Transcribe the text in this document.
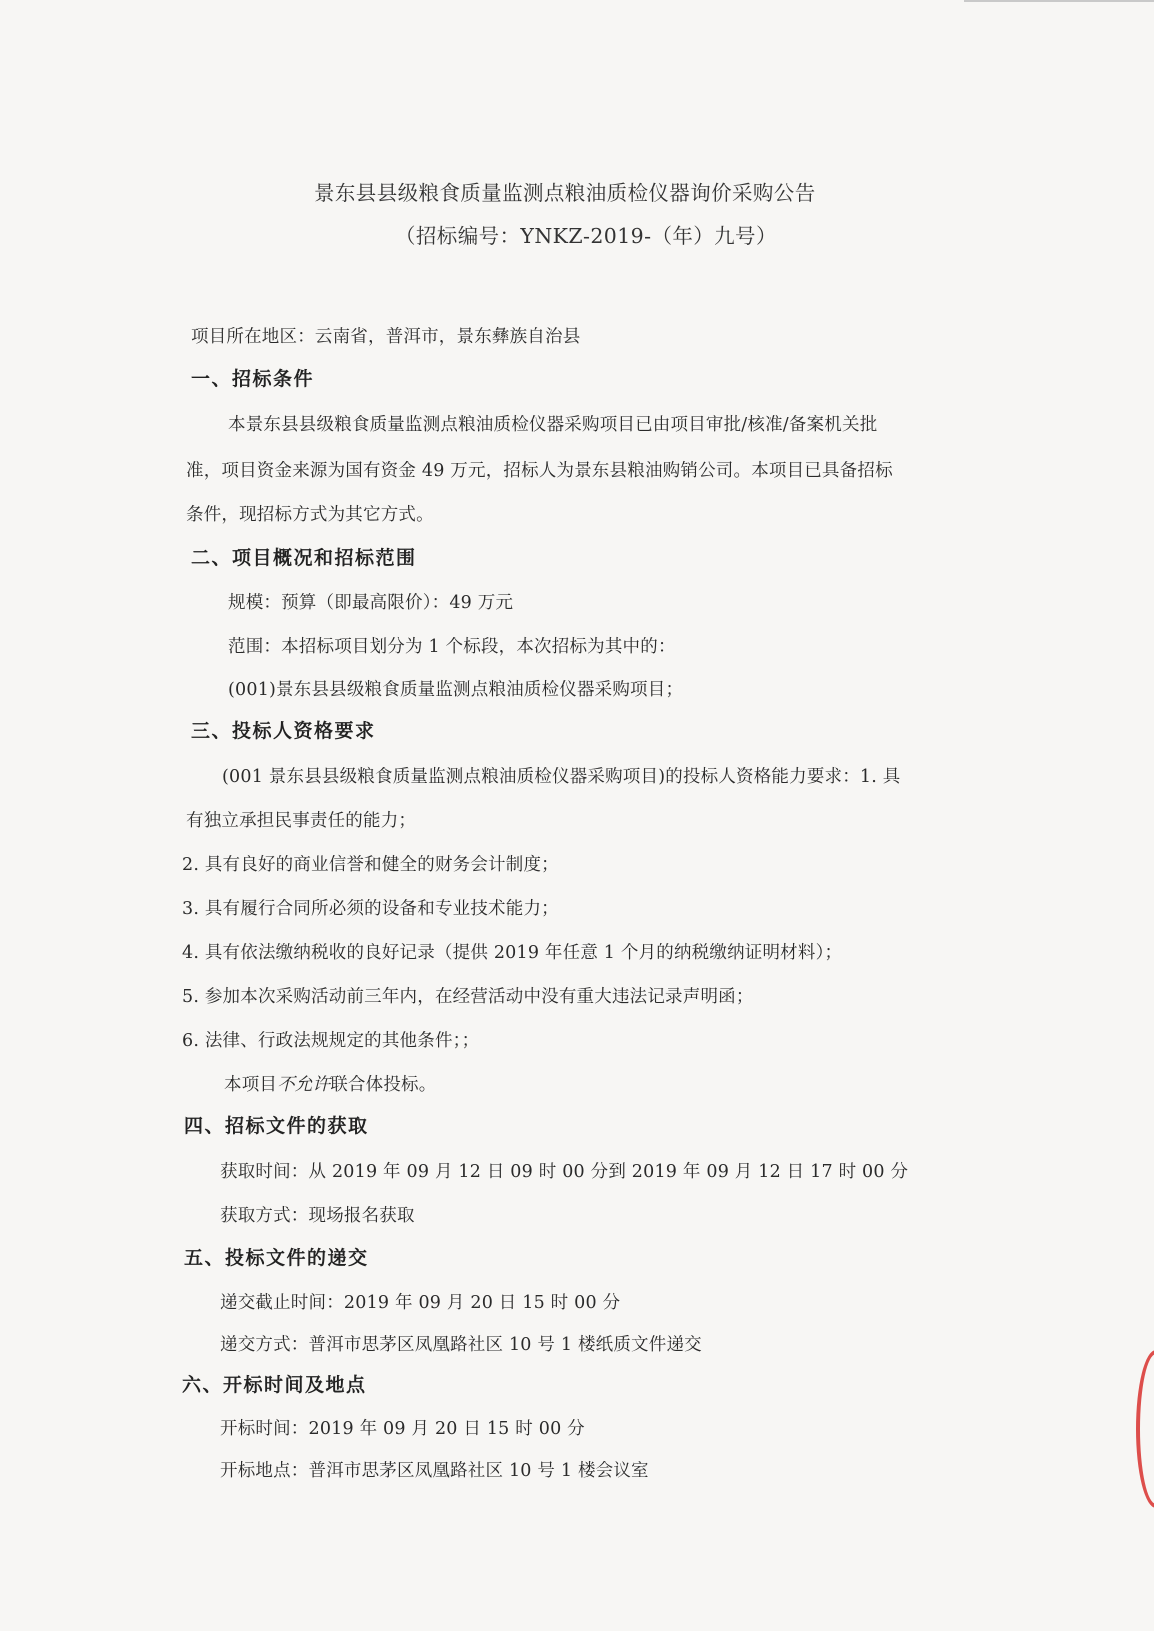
景东县县级粮食质量监测点粮油质检仪器询价采购公告

（招标编号：YNKZ-2019-（年）九号）

项目所在地区：云南省，普洱市，景东彝族自治县

一、招标条件

本景东县县级粮食质量监测点粮油质检仪器采购项目已由项目审批/核准/备案机关批

准，项目资金来源为国有资金 49 万元，招标人为景东县粮油购销公司。本项目已具备招标

条件，现招标方式为其它方式。

二、项目概况和招标范围

规模：预算（即最高限价）：49 万元

范围：本招标项目划分为 1 个标段，本次招标为其中的：

(001)景东县县级粮食质量监测点粮油质检仪器采购项目；

三、投标人资格要求

(001 景东县县级粮食质量监测点粮油质检仪器采购项目)的投标人资格能力要求：1. 具

有独立承担民事责任的能力；

2. 具有良好的商业信誉和健全的财务会计制度；

3. 具有履行合同所必须的设备和专业技术能力；

4. 具有依法缴纳税收的良好记录（提供 2019 年任意 1 个月的纳税缴纳证明材料）；

5. 参加本次采购活动前三年内，在经营活动中没有重大违法记录声明函；

6. 法律、行政法规规定的其他条件；；

本项目不允许联合体投标。

四、招标文件的获取

获取时间：从 2019 年 09 月 12 日 09 时 00 分到 2019 年 09 月 12 日 17 时 00 分

获取方式：现场报名获取

五、投标文件的递交

递交截止时间：2019 年 09 月 20 日 15 时 00 分

递交方式：普洱市思茅区凤凰路社区 10 号 1 楼纸质文件递交

六、开标时间及地点

开标时间：2019 年 09 月 20 日 15 时 00 分

开标地点：普洱市思茅区凤凰路社区 10 号 1 楼会议室
